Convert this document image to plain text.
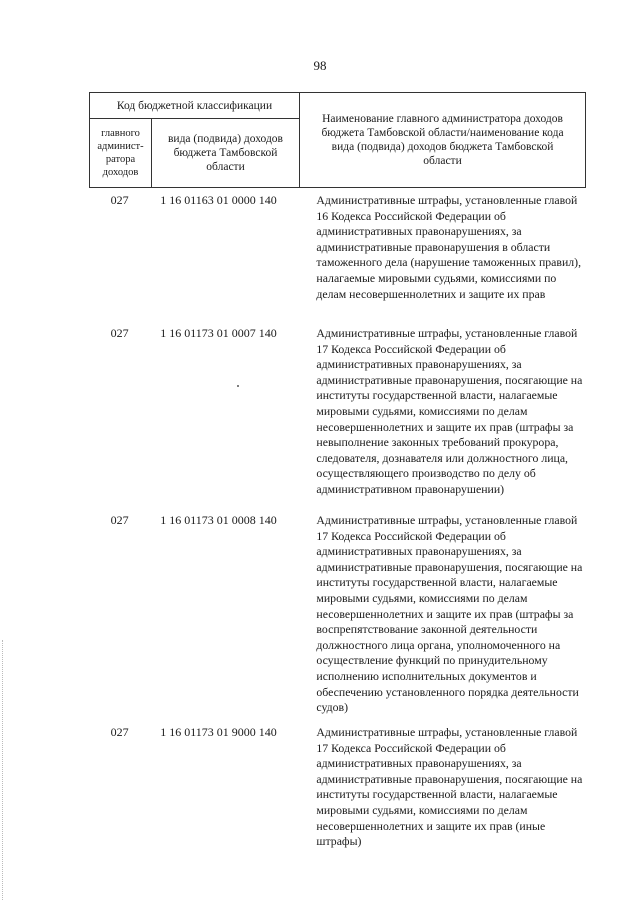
98
Код бюджетной классификации		Наименование главного администратора доходов бюджета Тамбовской области/наименование кода вида (подвида) доходов бюджета Тамбовской области
главного админист-ратора доходов	вида (подвида) доходов бюджета Тамбовской области	
027	1 16 01163 01 0000 140	Административные штрафы, установленные главой 16 Кодекса Российской Федерации об административных правонарушениях, за административные правонарушения в области таможенного дела (нарушение таможенных правил), налагаемые мировыми судьями, комиссиями по делам несовершеннолетних и защите их прав
027	1 16 01173 01 0007 140	Административные штрафы, установленные главой 17 Кодекса Российской Федерации об административных правонарушениях, за административные правонарушения, посягающие на институты государственной власти, налагаемые мировыми судьями, комиссиями по делам несовершеннолетних и защите их прав (штрафы за невыполнение законных требований прокурора, следователя, дознавателя или должностного лица, осуществляющего производство по делу об административном правонарушении)
027	1 16 01173 01 0008 140	Административные штрафы, установленные главой 17 Кодекса Российской Федерации об административных правонарушениях, за административные правонарушения, посягающие на институты государственной власти, налагаемые мировыми судьями, комиссиями по делам несовершеннолетних и защите их прав (штрафы за воспрепятствование законной деятельности должностного лица органа, уполномоченного на осуществление функций по принудительному исполнению исполнительных документов и обеспечению установленного порядка деятельности судов)
027	1 16 01173 01 9000 140	Административные штрафы, установленные главой 17 Кодекса Российской Федерации об административных правонарушениях, за административные правонарушения, посягающие на институты государственной власти, налагаемые мировыми судьями, комиссиями по делам несовершеннолетних и защите их прав (иные штрафы)
